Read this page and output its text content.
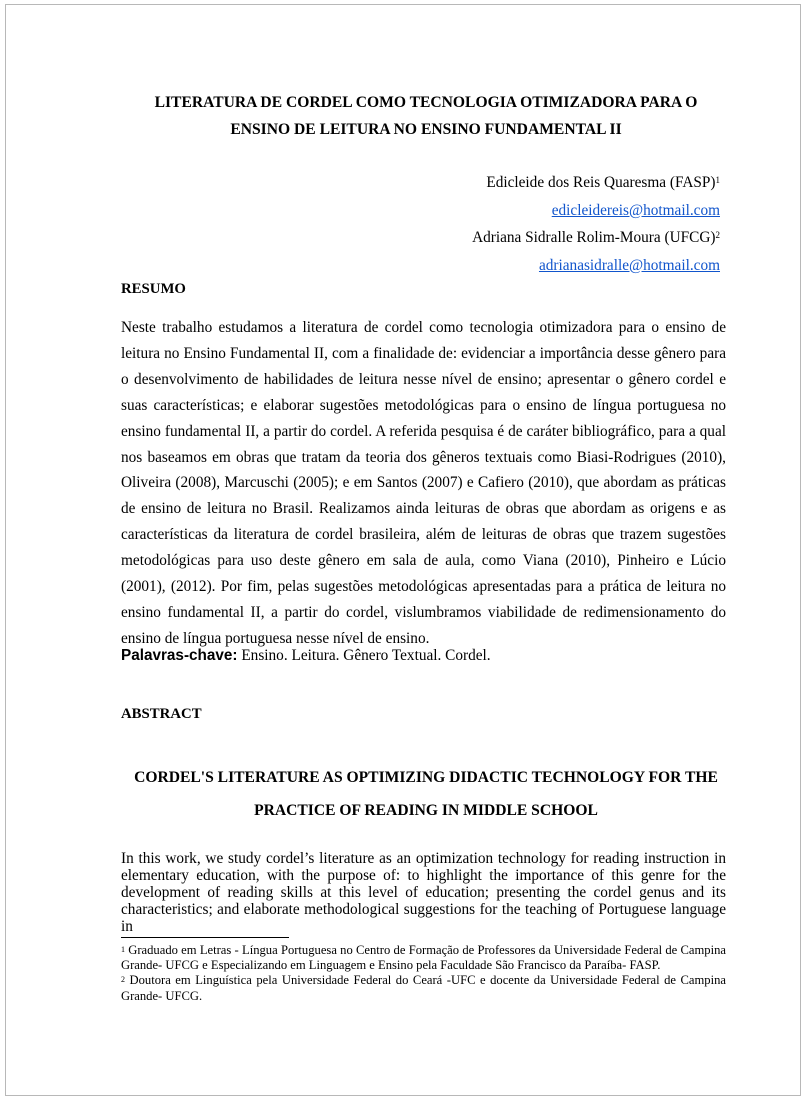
LITERATURA DE CORDEL COMO TECNOLOGIA OTIMIZADORA PARA O
ENSINO DE LEITURA NO ENSINO FUNDAMENTAL II
Edicleide dos Reis Quaresma (FASP)$^1$
edicleidereis@hotmail.com
Adriana Sidralle Rolim-Moura (UFCG)$^2$
adrianasidralle@hotmail.com
RESUMO
Neste trabalho estudamos a literatura de cordel como tecnologia otimizadora para o ensino de leitura no Ensino Fundamental II, com a finalidade de: evidenciar a importância desse gênero para o desenvolvimento de habilidades de leitura nesse nível de ensino; apresentar o gênero cordel e suas características; e elaborar sugestões metodológicas para o ensino de língua portuguesa no ensino fundamental II, a partir do cordel. A referida pesquisa é de caráter bibliográfico, para a qual nos baseamos em obras que tratam da teoria dos gêneros textuais como Biasi-Rodrigues (2010), Oliveira (2008), Marcuschi (2005); e em Santos (2007) e Cafiero (2010), que abordam as práticas de ensino de leitura no Brasil. Realizamos ainda leituras de obras que abordam as origens e as características da literatura de cordel brasileira, além de leituras de obras que trazem sugestões metodológicas para uso deste gênero em sala de aula, como Viana (2010), Pinheiro e Lúcio (2001), (2012). Por fim, pelas sugestões metodológicas apresentadas para a prática de leitura no ensino fundamental II, a partir do cordel, vislumbramos viabilidade de redimensionamento do ensino de língua portuguesa nesse nível de ensino.
Palavras-chave: Ensino. Leitura. Gênero Textual. Cordel.
ABSTRACT
CORDEL'S LITERATURE AS OPTIMIZING DIDACTIC TECHNOLOGY FOR THE
PRACTICE OF READING IN MIDDLE SCHOOL
In this work, we study cordel’s literature as an optimization technology for reading instruction in elementary education, with the purpose of: to highlight the importance of this genre for the development of reading skills at this level of education; presenting the cordel genus and its characteristics; and elaborate methodological suggestions for the teaching of Portuguese language in

$^1$ Graduado em Letras - Língua Portuguesa no Centro de Formação de Professores da Universidade Federal de Campina Grande- UFCG e Especializando em Linguagem e Ensino pela Faculdade São Francisco da Paraíba- FASP.

$^2$ Doutora em Linguística pela Universidade Federal do Ceará -UFC e docente da Universidade Federal de Campina Grande- UFCG.
